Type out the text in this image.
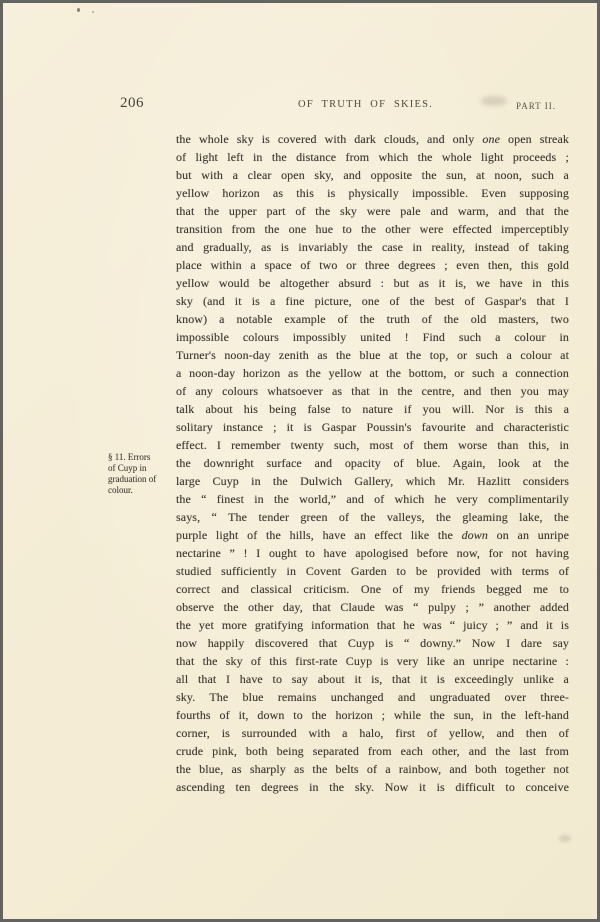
206	OF TRUTH OF SKIES.	PART II.
§ 11. Errors
of Cuyp in
graduation of
colour.
the whole sky is covered with dark clouds, and only one open streak
of light left in the distance from which the whole light proceeds ;
but with a clear open sky, and opposite the sun, at noon, such a
yellow horizon as this is physically impossible. Even supposing
that the upper part of the sky were pale and warm, and that the
transition from the one hue to the other were effected imperceptibly
and gradually, as is invariably the case in reality, instead of taking
place within a space of two or three degrees ; even then, this gold
yellow would be altogether absurd : but as it is, we have in this
sky (and it is a fine picture, one of the best of Gaspar's that I
know) a notable example of the truth of the old masters, two
impossible colours impossibly united ! Find such a colour in
Turner's noon-day zenith as the blue at the top, or such a colour at
a noon-day horizon as the yellow at the bottom, or such a connection
of any colours whatsoever as that in the centre, and then you may
talk about his being false to nature if you will. Nor is this a
solitary instance ; it is Gaspar Poussin's favourite and characteristic
effect. I remember twenty such, most of them worse than this, in
the downright surface and opacity of blue. Again, look at the
large Cuyp in the Dulwich Gallery, which Mr. Hazlitt considers
the “ finest in the world,” and of which he very complimentarily
says, “ The tender green of the valleys, the gleaming lake, the
purple light of the hills, have an effect like the down on an unripe
nectarine ” ! I ought to have apologised before now, for not having
studied sufficiently in Covent Garden to be provided with terms of
correct and classical criticism. One of my friends begged me to
observe the other day, that Claude was “ pulpy ; ” another added
the yet more gratifying information that he was “ juicy ; ” and it is
now happily discovered that Cuyp is “ downy.” Now I dare say
that the sky of this first-rate Cuyp is very like an unripe nectarine :
all that I have to say about it is, that it is exceedingly unlike a
sky. The blue remains unchanged and ungraduated over three-
fourths of it, down to the horizon ; while the sun, in the left-hand
corner, is surrounded with a halo, first of yellow, and then of
crude pink, both being separated from each other, and the last from
the blue, as sharply as the belts of a rainbow, and both together not
ascending ten degrees in the sky. Now it is difficult to conceive
